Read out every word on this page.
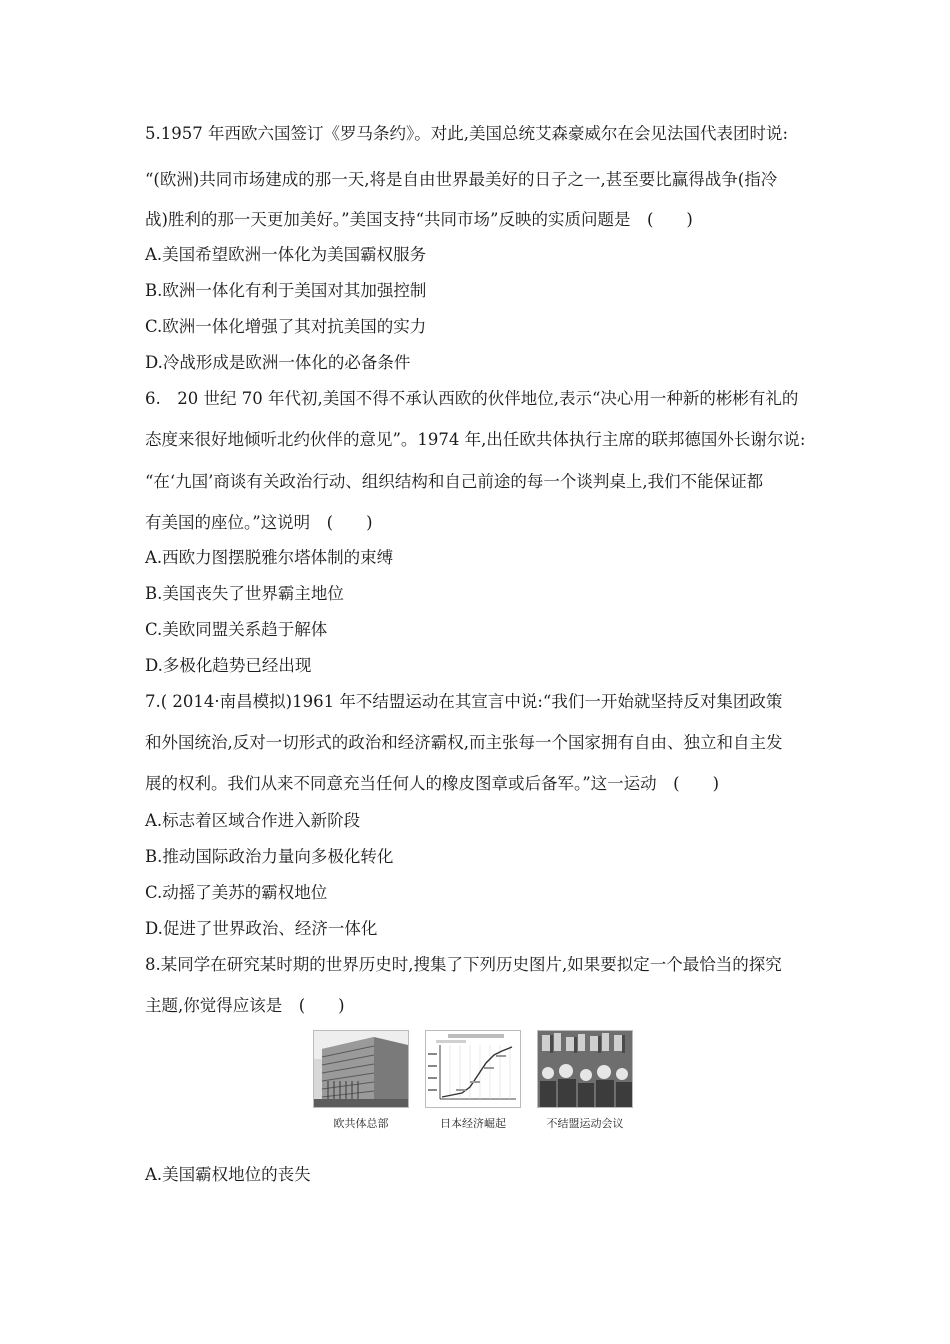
5.1957 年西欧六国签订《罗马条约》。对此,美国总统艾森豪威尔在会见法国代表团时说:
“(欧洲)共同市场建成的那一天,将是自由世界最美好的日子之一,甚至要比赢得战争(指冷
战)胜利的那一天更加美好。”美国支持“共同市场”反映的实质问题是　(　　)
A.美国希望欧洲一体化为美国霸权服务
B.欧洲一体化有利于美国对其加强控制
C.欧洲一体化增强了其对抗美国的实力
D.冷战形成是欧洲一体化的必备条件
6.　20 世纪 70 年代初,美国不得不承认西欧的伙伴地位,表示“决心用一种新的彬彬有礼的
态度来很好地倾听北约伙伴的意见”。1974 年,出任欧共体执行主席的联邦德国外长谢尔说:
“在‘九国’商谈有关政治行动、组织结构和自己前途的每一个谈判桌上,我们不能保证都
有美国的座位。”这说明　(　　)
A.西欧力图摆脱雅尔塔体制的束缚
B.美国丧失了世界霸主地位
C.美欧同盟关系趋于解体
D.多极化趋势已经出现
7.( 2014·南昌模拟)1961 年不结盟运动在其宣言中说:“我们一开始就坚持反对集团政策
和外国统治,反对一切形式的政治和经济霸权,而主张每一个国家拥有自由、独立和自主发
展的权利。我们从来不同意充当任何人的橡皮图章或后备军。”这一运动　(　　)
A.标志着区域合作进入新阶段
B.推动国际政治力量向多极化转化
C.动摇了美苏的霸权地位
D.促进了世界政治、经济一体化
8.某同学在研究某时期的世界历史时,搜集了下列历史图片,如果要拟定一个最恰当的探究
主题,你觉得应该是　(　　)
欧共体总部	日本经济崛起	不结盟运动会议
A.美国霸权地位的丧失
